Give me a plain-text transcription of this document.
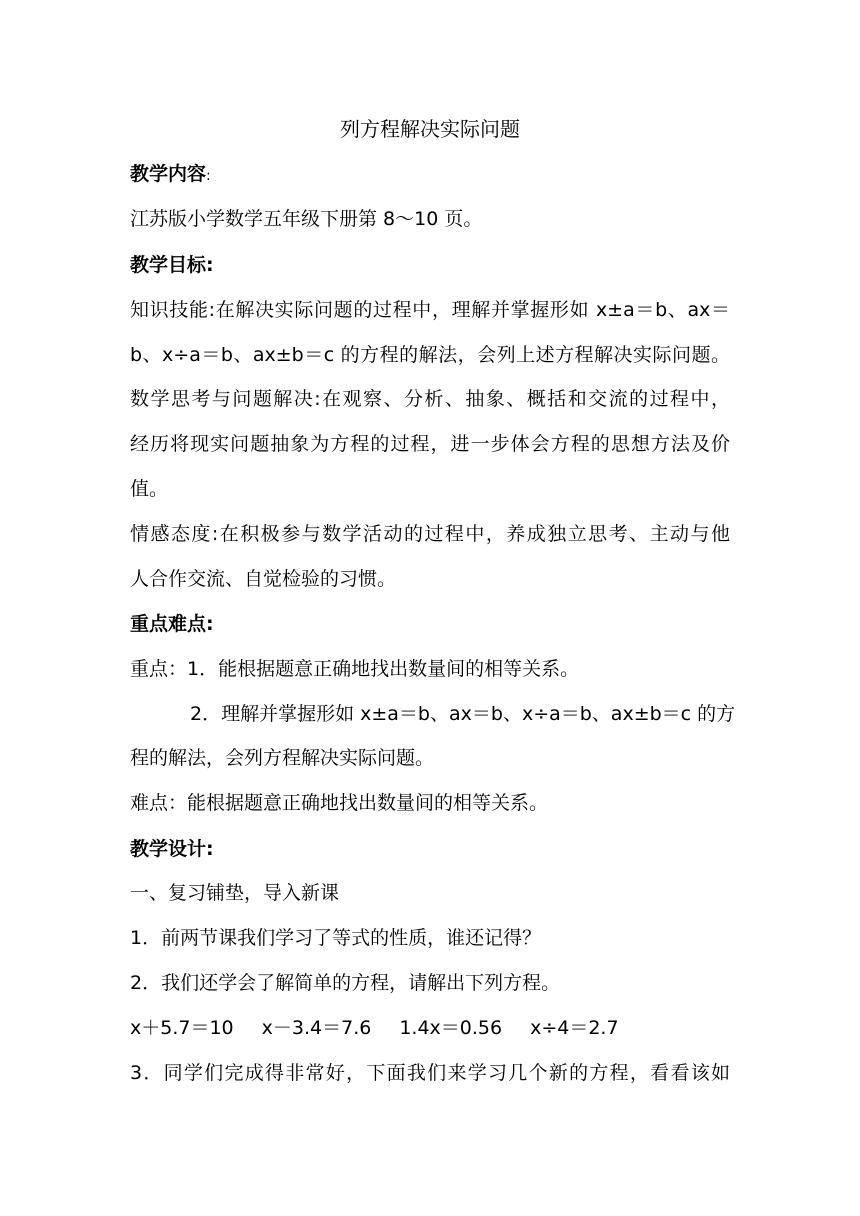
列方程解决实际问题
教学内容:
江苏版小学数学五年级下册第 8～10 页。
教学目标:
知识技能:在解决实际问题的过程中，理解并掌握形如 x±a＝b、ax＝
b、x÷a＝b、ax±b＝c 的方程的解法，会列上述方程解决实际问题。
数学思考与问题解决:在观察、分析、抽象、概括和交流的过程中，
经历将现实问题抽象为方程的过程，进一步体会方程的思想方法及价
值。
情感态度:在积极参与数学活动的过程中，养成独立思考、主动与他
人合作交流、自觉检验的习惯。
重点难点:
重点：1．能根据题意正确地找出数量间的相等关系。
2．理解并掌握形如 x±a＝b、ax＝b、x÷a＝b、ax±b＝c 的方
程的解法，会列方程解决实际问题。
难点：能根据题意正确地找出数量间的相等关系。
教学设计:
一、复习铺垫，导入新课
1．前两节课我们学习了等式的性质，谁还记得？
2．我们还学会了解简单的方程，请解出下列方程。
x＋5.7＝10 x－3.4＝7.6 1.4x＝0.56 x÷4＝2.7
3．同学们完成得非常好，下面我们来学习几个新的方程，看看该如
